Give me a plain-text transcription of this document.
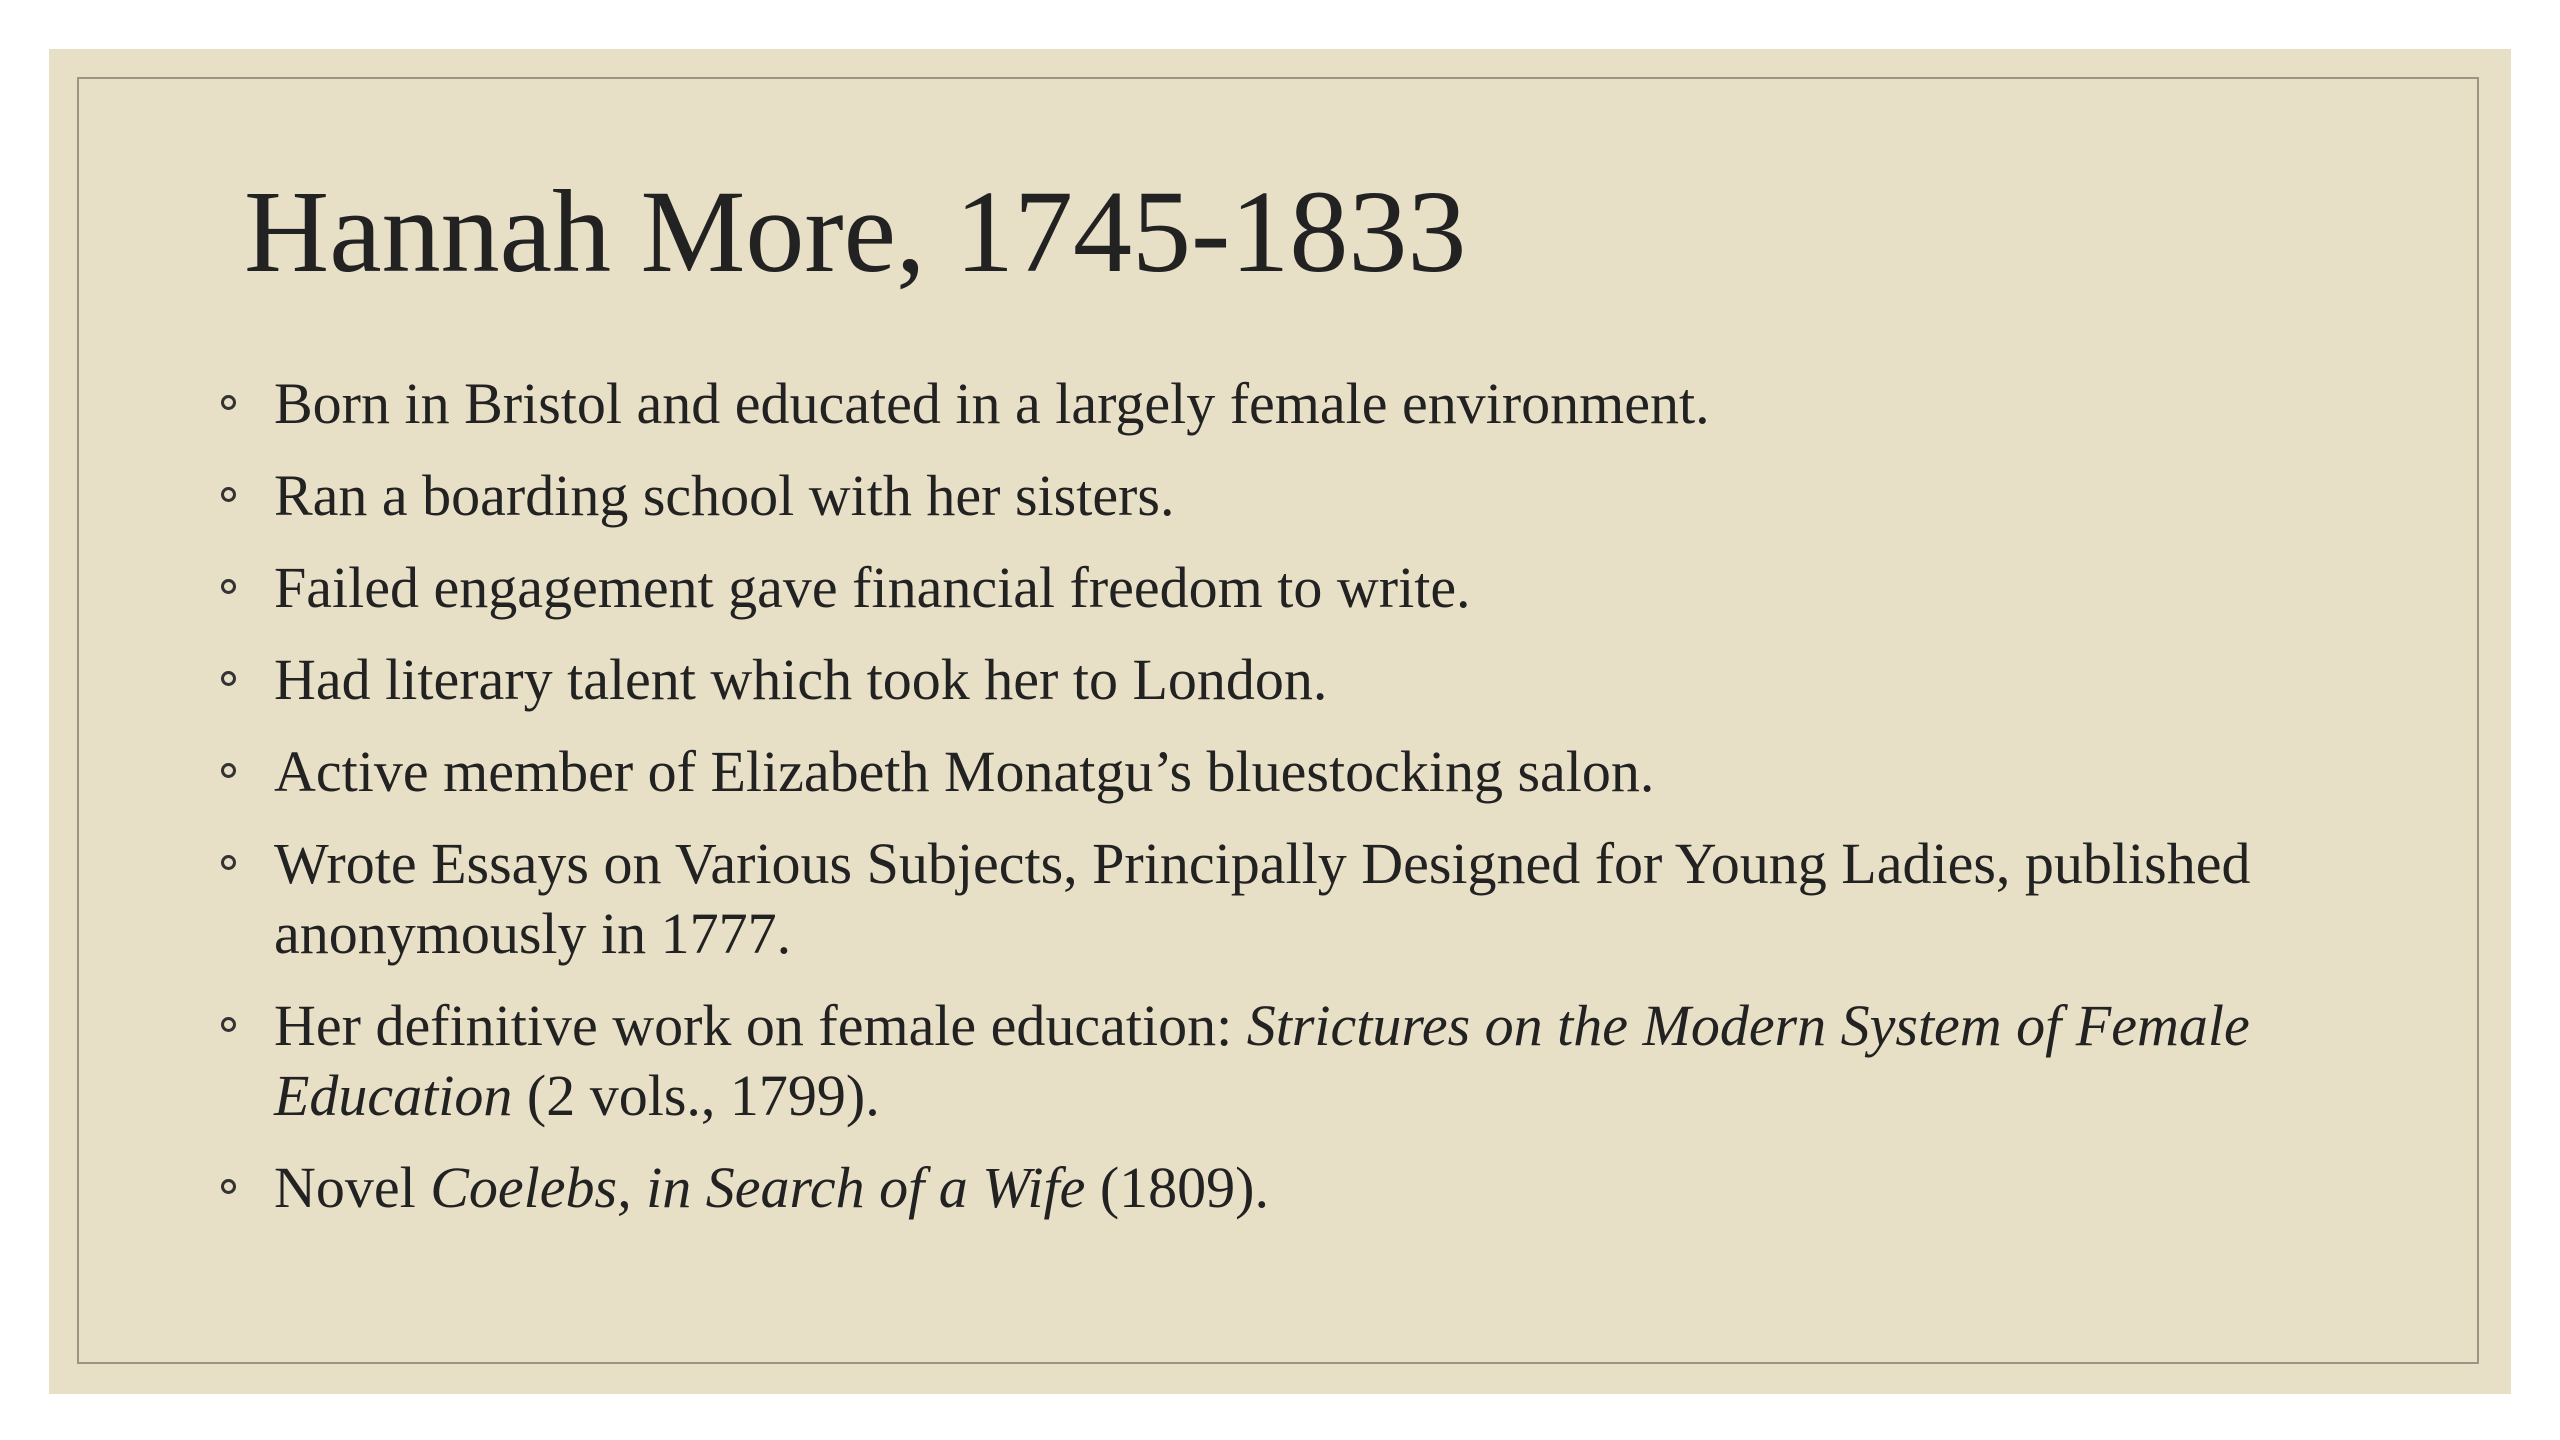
Hannah More, 1745-1833
Born in Bristol and educated in a largely female environment.
Ran a boarding school with her sisters.
Failed engagement gave financial freedom to write.
Had literary talent which took her to London.
Active member of Elizabeth Monatgu’s bluestocking salon.
Wrote Essays on Various Subjects, Principally Designed for Young Ladies, published anonymously in 1777.
Her definitive work on female education: Strictures on the Modern System of Female Education (2 vols., 1799).
Novel Coelebs, in Search of a Wife (1809).
